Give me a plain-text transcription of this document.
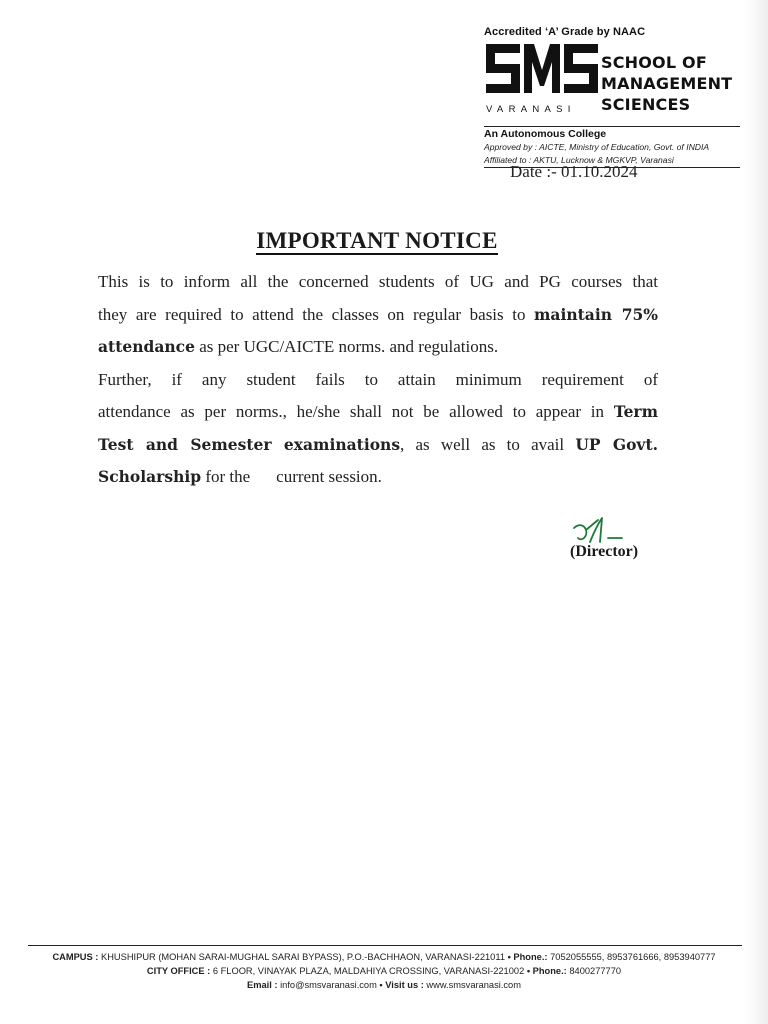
Accredited ‘A’ Grade by NAAC
VARANASI
SCHOOL OF
MANAGEMENT
SCIENCES
An Autonomous College
Approved by : AICTE, Ministry of Education, Govt. of INDIA
Affiliated to : AKTU, Lucknow & MGKVP, Varanasi
Date :- 01.10.2024
IMPORTANT NOTICE

This is to inform all the concerned students of UG and PG courses that
they are required to attend the classes on regular basis to maintain 75%
attendance as per UGC/AICTE norms. and regulations.

Further, if any student fails to attain minimum requirement of
attendance as per norms., he/she shall not be allowed to appear in Term
Test and Semester examinations, as well as to avail UP Govt.
Scholarship for the current session.

(Director)
CAMPUS : KHUSHIPUR (MOHAN SARAI-MUGHAL SARAI BYPASS), P.O.-BACHHAON, VARANASI-221011 • Phone.: 7052055555, 8953761666, 8953940777
CITY OFFICE : 6 FLOOR, VINAYAK PLAZA, MALDAHIYA CROSSING, VARANASI-221002 • Phone.: 8400277770
Email : info@smsvaranasi.com • Visit us : www.smsvaranasi.com
